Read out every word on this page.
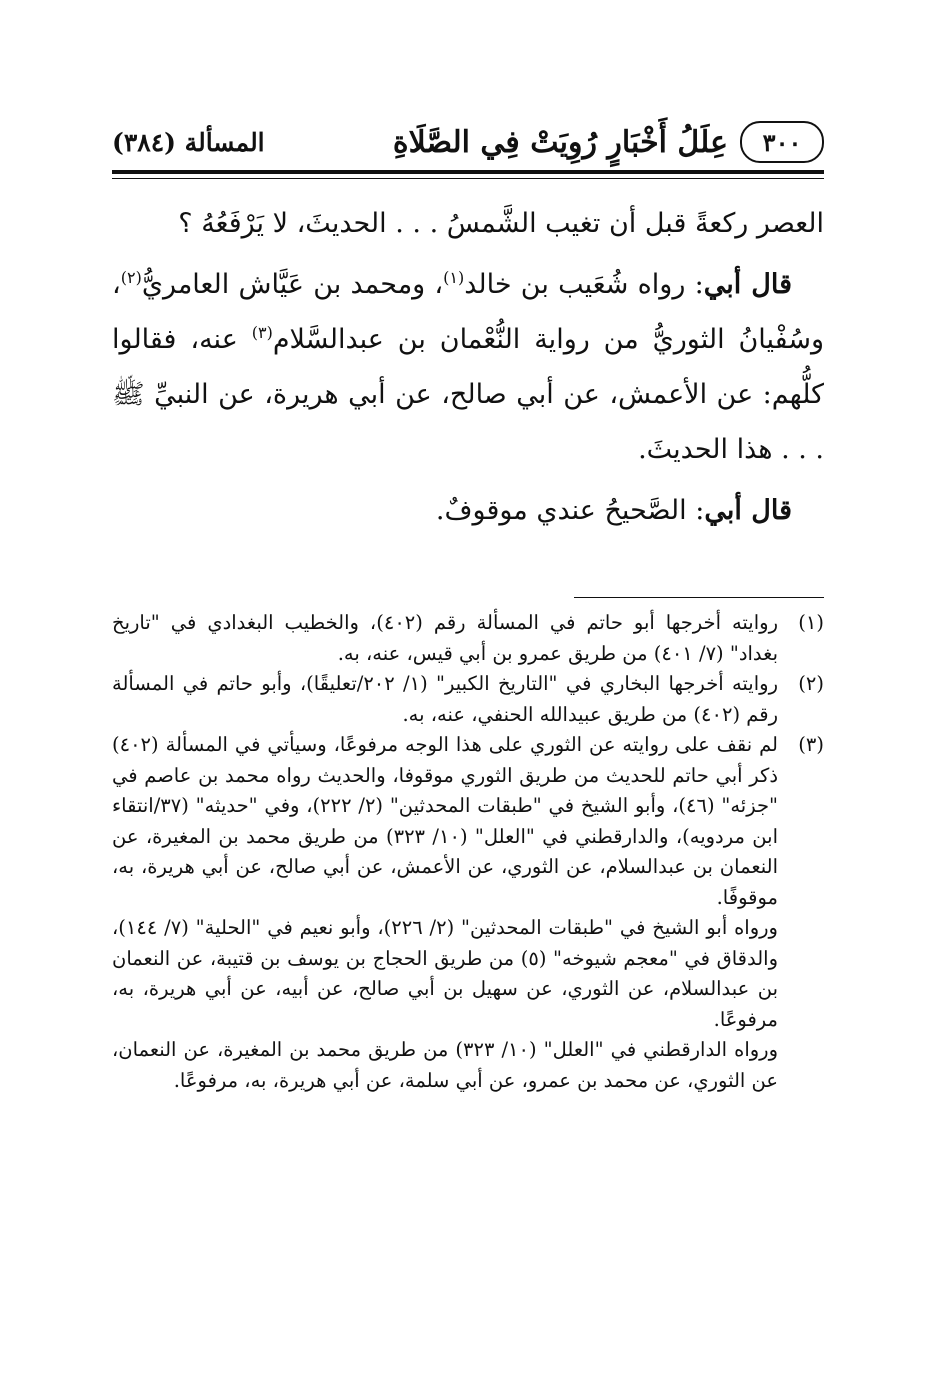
٣٠٠
عِلَلُ أَخْبَارٍ رُوِيَتْ فِي الصَّلَاةِ
المسألة (٣٨٤)

العصر ركعةً قبل أن تغيب الشَّمسُ . . . الحديثَ، لا يَرْفَعُهُ ؟

قال أبي: رواه شُعَيب بن خالد$^{(١)}$، ومحمد بن عَيَّاش العامريُّ$^{(٢)}$، وسُفْيانُ الثوريُّ من رواية النُّعْمان بن عبدالسَّلام$^{(٣)}$ عنه، فقالوا كلُّهم: عن الأعمش، عن أبي صالح، عن أبي هريرة، عن النبيِّ ﷺ . . . هذا الحديثَ.

قال أبي: الصَّحيحُ عندي موقوفٌ.

(١)

روايته أخرجها أبو حاتم في المسألة رقم (٤٠٢)، والخطيب البغدادي في "تاريخ بغداد" (٧/ ٤٠١) من طريق عمرو بن أبي قيس، عنه، به.

(٢)

روايته أخرجها البخاري في "التاريخ الكبير" (١/ ٢٠٢/تعليقًا)، وأبو حاتم في المسألة رقم (٤٠٢) من طريق عبيدالله الحنفي، عنه، به.

(٣)

لم نقف على روايته عن الثوري على هذا الوجه مرفوعًا، وسيأتي في المسألة (٤٠٢) ذكر أبي حاتم للحديث من طريق الثوري موقوفا، والحديث رواه محمد بن عاصم في "جزئه" (٤٦)، وأبو الشيخ في "طبقات المحدثين" (٢/ ٢٢٢)، وفي "حديثه" (٣٧/انتقاء ابن مردويه)، والدارقطني في "العلل" (١٠/ ٣٢٣) من طريق محمد بن المغيرة، عن النعمان بن عبدالسلام، عن الثوري، عن الأعمش، عن أبي صالح، عن أبي هريرة، به، موقوفًا.

ورواه أبو الشيخ في "طبقات المحدثين" (٢/ ٢٢٦)، وأبو نعيم في "الحلية" (٧/ ١٤٤)، والدقاق في "معجم شيوخه" (٥) من طريق الحجاج بن يوسف بن قتيبة، عن النعمان بن عبدالسلام، عن الثوري، عن سهيل بن أبي صالح، عن أبيه، عن أبي هريرة، به، مرفوعًا.

ورواه الدارقطني في "العلل" (١٠/ ٣٢٣) من طريق محمد بن المغيرة، عن النعمان، عن الثوري، عن محمد بن عمرو، عن أبي سلمة، عن أبي هريرة، به، مرفوعًا.
